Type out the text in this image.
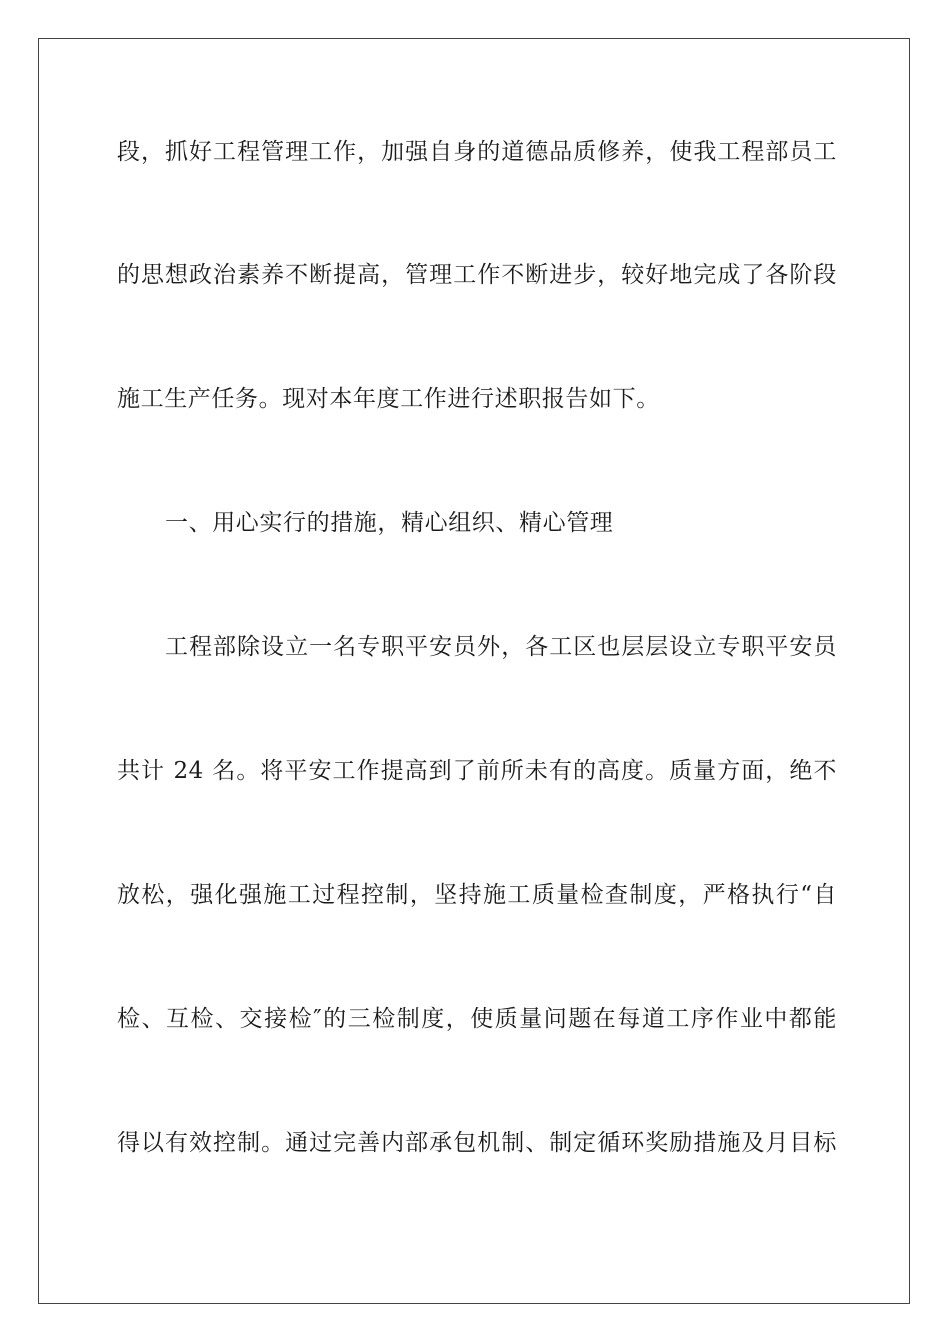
段，抓好工程管理工作，加强自身的道德品质修养，使我工程部员工
的思想政治素养不断提高，管理工作不断进步，较好地完成了各阶段
施工生产任务。现对本年度工作进行述职报告如下。
一、用心实行的措施，精心组织、精心管理
工程部除设立一名专职平安员外，各工区也层层设立专职平安员
共计 24 名。将平安工作提高到了前所未有的高度。质量方面，绝不
放松，强化强施工过程控制，坚持施工质量检查制度，严格执行“自
检、互检、交接检″的三检制度，使质量问题在每道工序作业中都能
得以有效控制。通过完善内部承包机制、制定循环奖励措施及月目标
